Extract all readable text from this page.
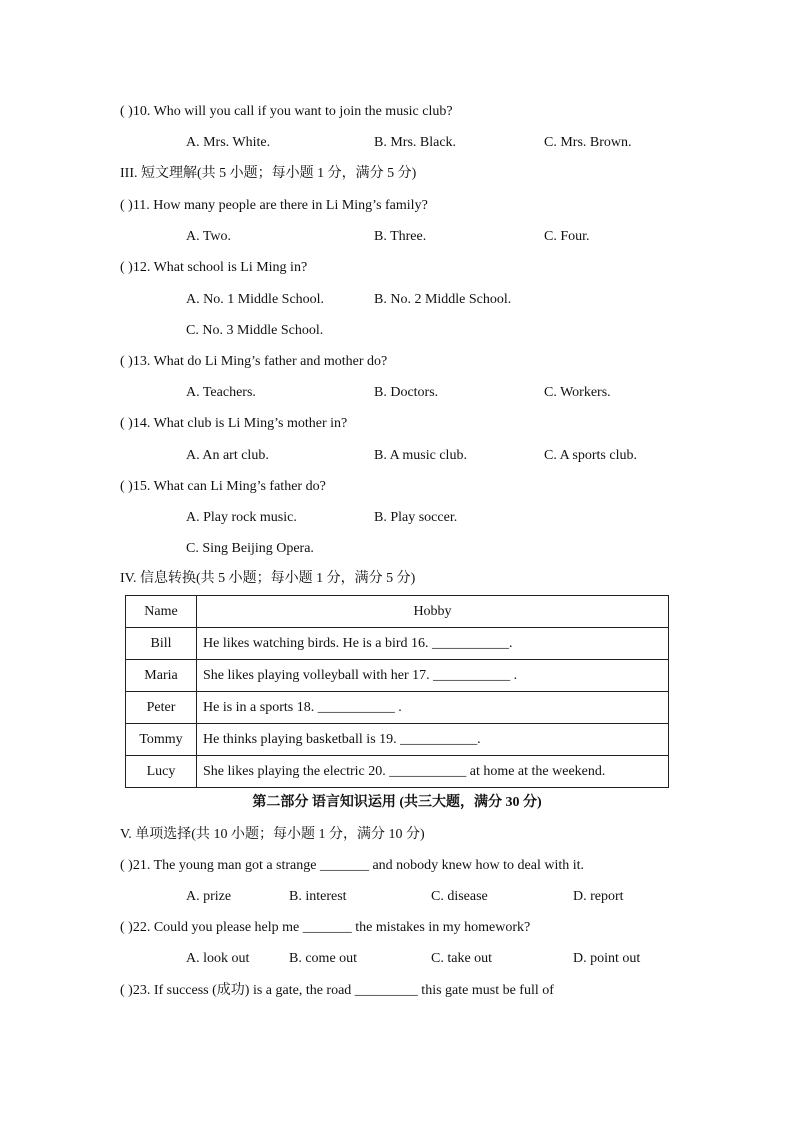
( )10. Who will you call if you want to join the music club?
A. Mrs. White.	B. Mrs. Black.	C. Mrs. Brown.
III. 短文理解(共 5 小题；每小题 1 分，满分 5 分)
( )11. How many people are there in Li Ming’s family?
A. Two.	B. Three.	C. Four.
( )12. What school is Li Ming in?
A. No. 1 Middle School.	B. No. 2 Middle School.
C. No. 3 Middle School.
( )13. What do Li Ming’s father and mother do?
A. Teachers.	B. Doctors.	C. Workers.
( )14. What club is Li Ming’s mother in?
A. An art club.	B. A music club.	C. A sports club.
( )15. What can Li Ming’s father do?
A. Play rock music.	B. Play soccer.
C. Sing Beijing Opera.
IV. 信息转换(共 5 小题；每小题 1 分，满分 5 分)
Name	Hobby
Bill	He likes watching birds. He is a bird 16. ___________.
Maria	She likes playing volleyball with her 17. ___________ .
Peter	He is in a sports 18. ___________ .
Tommy	He thinks playing basketball is 19. ___________.
Lucy	She likes playing the electric 20. ___________ at home at the weekend.
第二部分 语言知识运用 (共三大题，满分 30 分)
V. 单项选择(共 10 小题；每小题 1 分，满分 10 分)
( )21. The young man got a strange _______ and nobody knew how to deal with it.
A. prize	B. interest	C. disease	D. report
( )22. Could you please help me _______ the mistakes in my homework?
A. look out	B. come out	C. take out	D. point out
( )23. If success (成功) is a gate, the road _________ this gate must be full of
